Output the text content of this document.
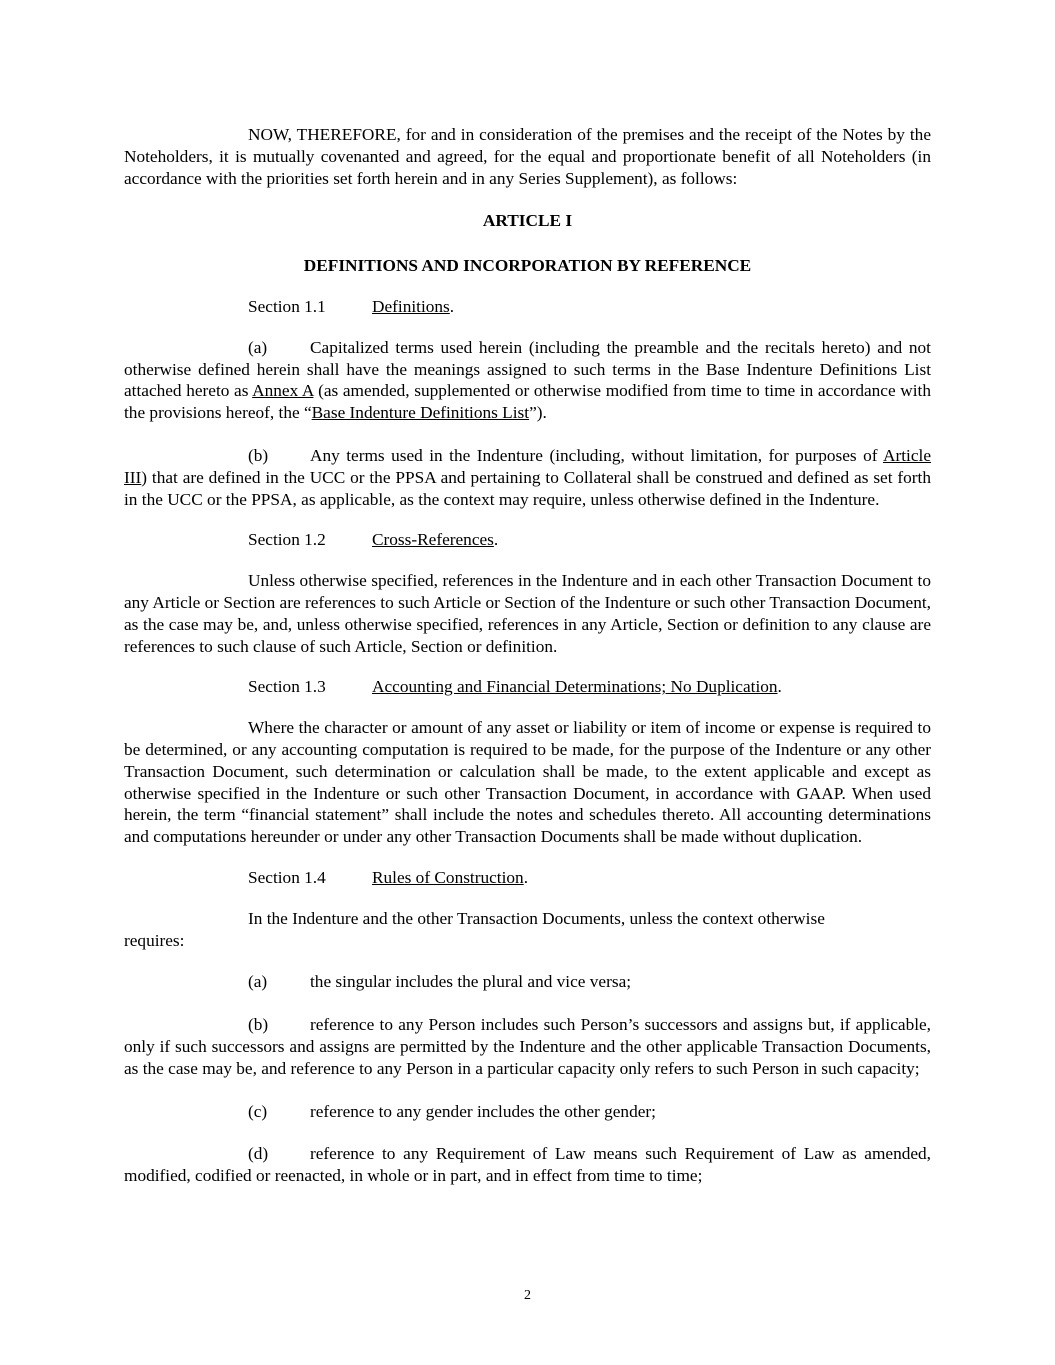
NOW, THEREFORE, for and in consideration of the premises and the receipt of the Notes by the Noteholders, it is mutually covenanted and agreed, for the equal and proportionate benefit of all Noteholders (in accordance with the priorities set forth herein and in any Series Supplement), as follows:

ARTICLE I

DEFINITIONS AND INCORPORATION BY REFERENCE

Section 1.1	Definitions.

(a) Capitalized terms used herein (including the preamble and the recitals hereto) and not otherwise defined herein shall have the meanings assigned to such terms in the Base Indenture Definitions List attached hereto as Annex A (as amended, supplemented or otherwise modified from time to time in accordance with the provisions hereof, the “Base Indenture Definitions List”).

(b) Any terms used in the Indenture (including, without limitation, for purposes of Article III) that are defined in the UCC or the PPSA and pertaining to Collateral shall be construed and defined as set forth in the UCC or the PPSA, as applicable, as the context may require, unless otherwise defined in the Indenture.

Section 1.2	Cross-References.

Unless otherwise specified, references in the Indenture and in each other Transaction Document to any Article or Section are references to such Article or Section of the Indenture or such other Transaction Document, as the case may be, and, unless otherwise specified, references in any Article, Section or definition to any clause are references to such clause of such Article, Section or definition.

Section 1.3	Accounting and Financial Determinations; No Duplication.

Where the character or amount of any asset or liability or item of income or expense is required to be determined, or any accounting computation is required to be made, for the purpose of the Indenture or any other Transaction Document, such determination or calculation shall be made, to the extent applicable and except as otherwise specified in the Indenture or such other Transaction Document, in accordance with GAAP. When used herein, the term “financial statement” shall include the notes and schedules thereto. All accounting determinations and computations hereunder or under any other Transaction Documents shall be made without duplication.

Section 1.4	Rules of Construction.

In the Indenture and the other Transaction Documents, unless the context otherwise

requires:

(a) the singular includes the plural and vice versa;

(b) reference to any Person includes such Person’s successors and assigns but, if applicable, only if such successors and assigns are permitted by the Indenture and the other applicable Transaction Documents, as the case may be, and reference to any Person in a particular capacity only refers to such Person in such capacity;

(c) reference to any gender includes the other gender;

(d) reference to any Requirement of Law means such Requirement of Law as amended, modified, codified or reenacted, in whole or in part, and in effect from time to time;

2
